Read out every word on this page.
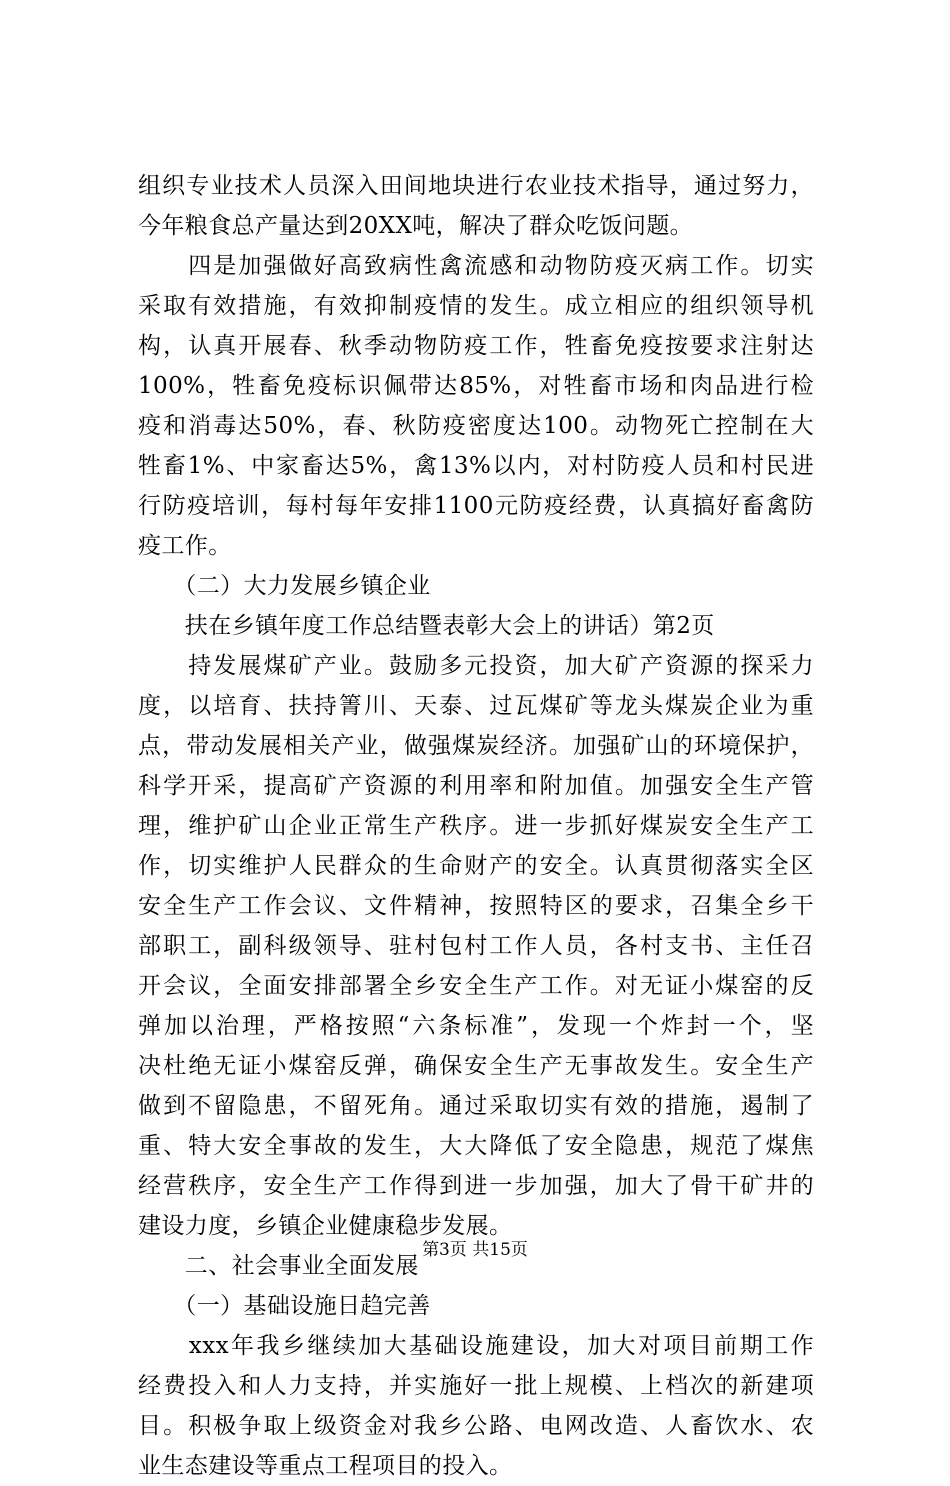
组织专业技术人员深入田间地块进行农业技术指导，通过努力，
今年粮食总产量达到20XX吨，解决了群众吃饭问题。
　　四是加强做好高致病性禽流感和动物防疫灭病工作。切实
采取有效措施，有效抑制疫情的发生。成立相应的组织领导机
构，认真开展春、秋季动物防疫工作，牲畜免疫按要求注射达
100%，牲畜免疫标识佩带达85%，对牲畜市场和肉品进行检
疫和消毒达50%，春、秋防疫密度达100。动物死亡控制在大
牲畜1%、中家畜达5%，禽13%以内，对村防疫人员和村民进
行防疫培训，每村每年安排1100元防疫经费，认真搞好畜禽防
疫工作。
　　（二）大力发展乡镇企业
　　扶在乡镇年度工作总结暨表彰大会上的讲话）第2页
　　持发展煤矿产业。鼓励多元投资，加大矿产资源的探采力
度，以培育、扶持箐川、天泰、过瓦煤矿等龙头煤炭企业为重
点，带动发展相关产业，做强煤炭经济。加强矿山的环境保护，
科学开采，提高矿产资源的利用率和附加值。加强安全生产管
理，维护矿山企业正常生产秩序。进一步抓好煤炭安全生产工
作，切实维护人民群众的生命财产的安全。认真贯彻落实全区
安全生产工作会议、文件精神，按照特区的要求，召集全乡干
部职工，副科级领导、驻村包村工作人员，各村支书、主任召
开会议，全面安排部署全乡安全生产工作。对无证小煤窑的反
弹加以治理，严格按照“六条标准”，发现一个炸封一个，坚
决杜绝无证小煤窑反弹，确保安全生产无事故发生。安全生产
做到不留隐患，不留死角。通过采取切实有效的措施，遏制了
重、特大安全事故的发生，大大降低了安全隐患，规范了煤焦
经营秩序，安全生产工作得到进一步加强，加大了骨干矿井的
建设力度，乡镇企业健康稳步发展。
　　二、社会事业全面发展
　　（一）基础设施日趋完善
　　xxx年我乡继续加大基础设施建设，加大对项目前期工作
经费投入和人力支持，并实施好一批上规模、上档次的新建项
目。积极争取上级资金对我乡公路、电网改造、人畜饮水、农
业生态建设等重点工程项目的投入。
第3页 共15页
